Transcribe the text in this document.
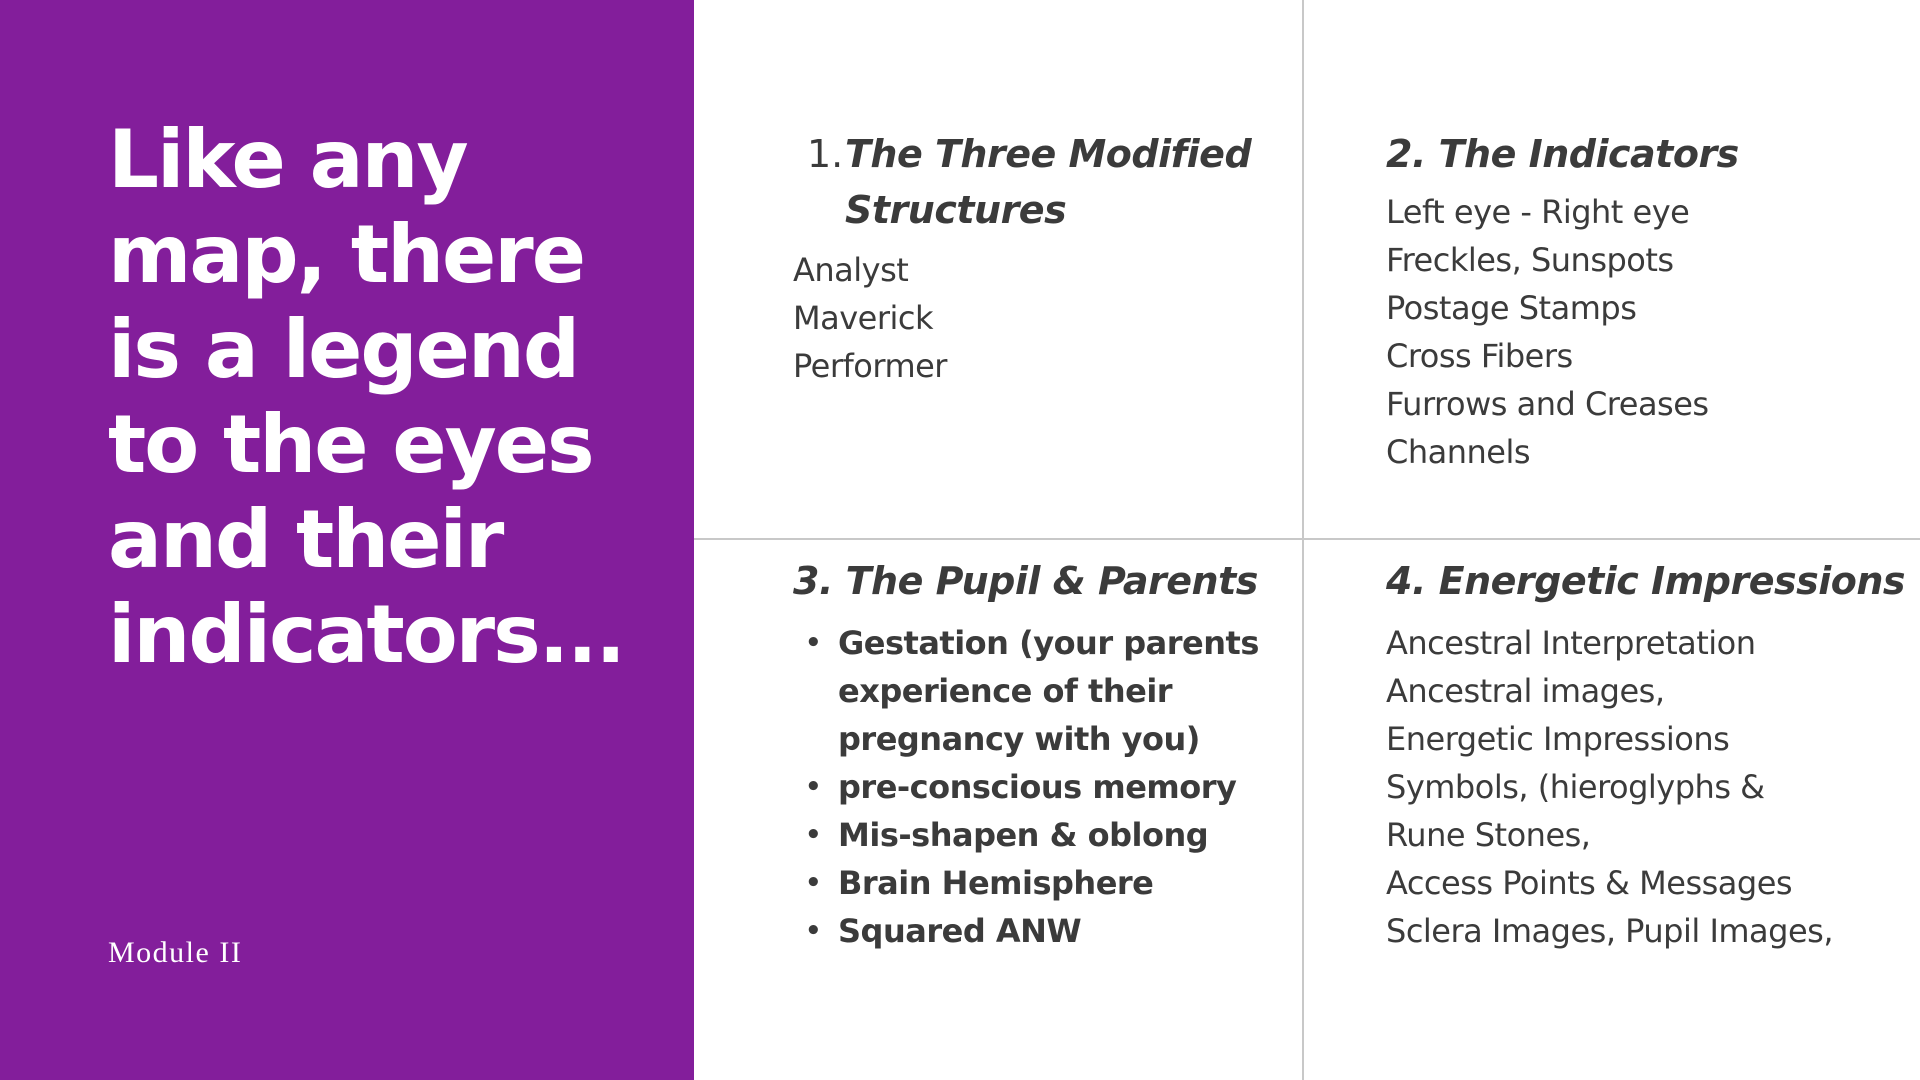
Like any map, there is a legend to the eyes and their indicators...
Module II
1. The Three Modified Structures
Analyst
Maverick
Performer
2. The Indicators
Left eye - Right eye
Freckles, Sunspots
Postage Stamps
Cross Fibers
Furrows and Creases
Channels
3. The Pupil & Parents
• Gestation (your parents experience of their pregnancy with you)
• pre-conscious memory
• Mis-shapen & oblong
• Brain Hemisphere
• Squared ANW
4. Energetic Impressions
Ancestral Interpretation
Ancestral images,
Energetic Impressions
Symbols, (hieroglyphs &
Rune Stones,
Access Points & Messages
Sclera Images, Pupil Images,
